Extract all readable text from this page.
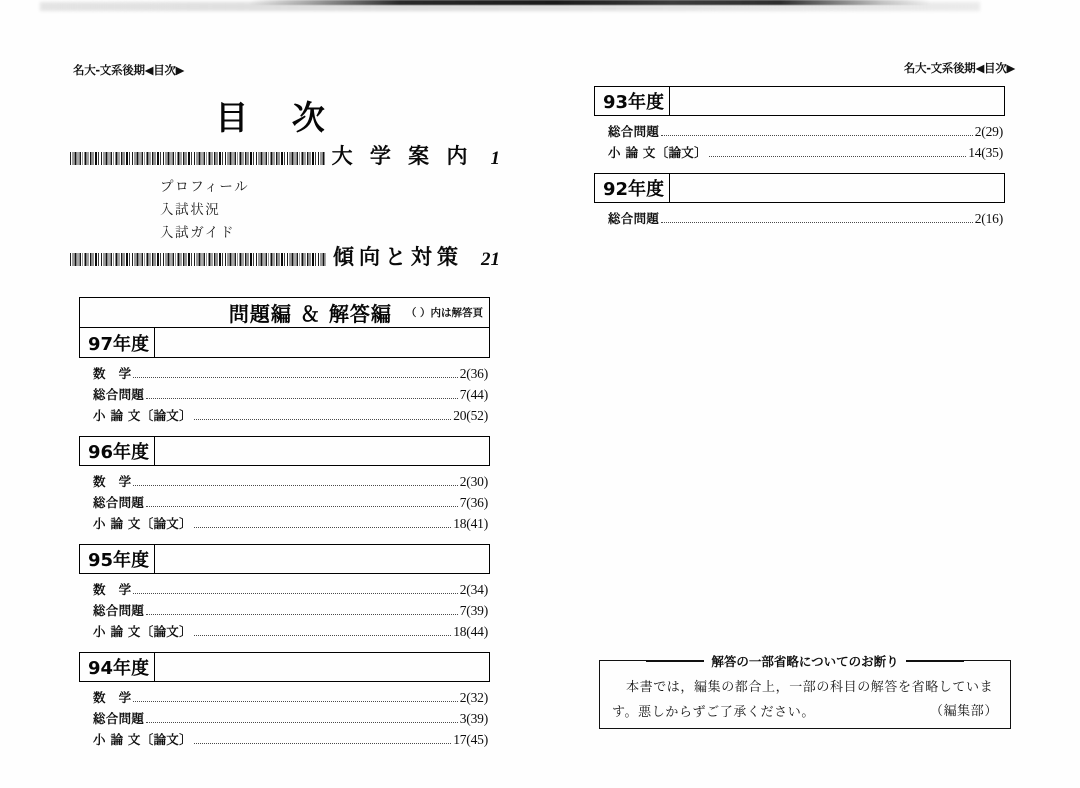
名大-文系後期◀目次▶
目 次
大 学 案 内 1
プロフィール
入試状況
入試ガイド
傾向と対策 21
問題編 ＆ 解答編 （ ）内は解答頁
97年度
数　学	2(36)
総合問題	7(44)
小 論 文〔論文〕	20(52)
96年度
数　学	2(30)
総合問題	7(36)
小 論 文〔論文〕	18(41)
95年度
数　学	2(34)
総合問題	7(39)
小 論 文〔論文〕	18(44)
94年度
数　学	2(32)
総合問題	3(39)
小 論 文〔論文〕	17(45)
名大-文系後期◀目次▶
93年度
総合問題	2(29)
小 論 文〔論文〕	14(35)
92年度
総合問題	2(16)
解答の一部省略についてのお断り
本書では，編集の都合上，一部の科目の解答を省略しています。悪しからずご了承ください。	（編集部）
